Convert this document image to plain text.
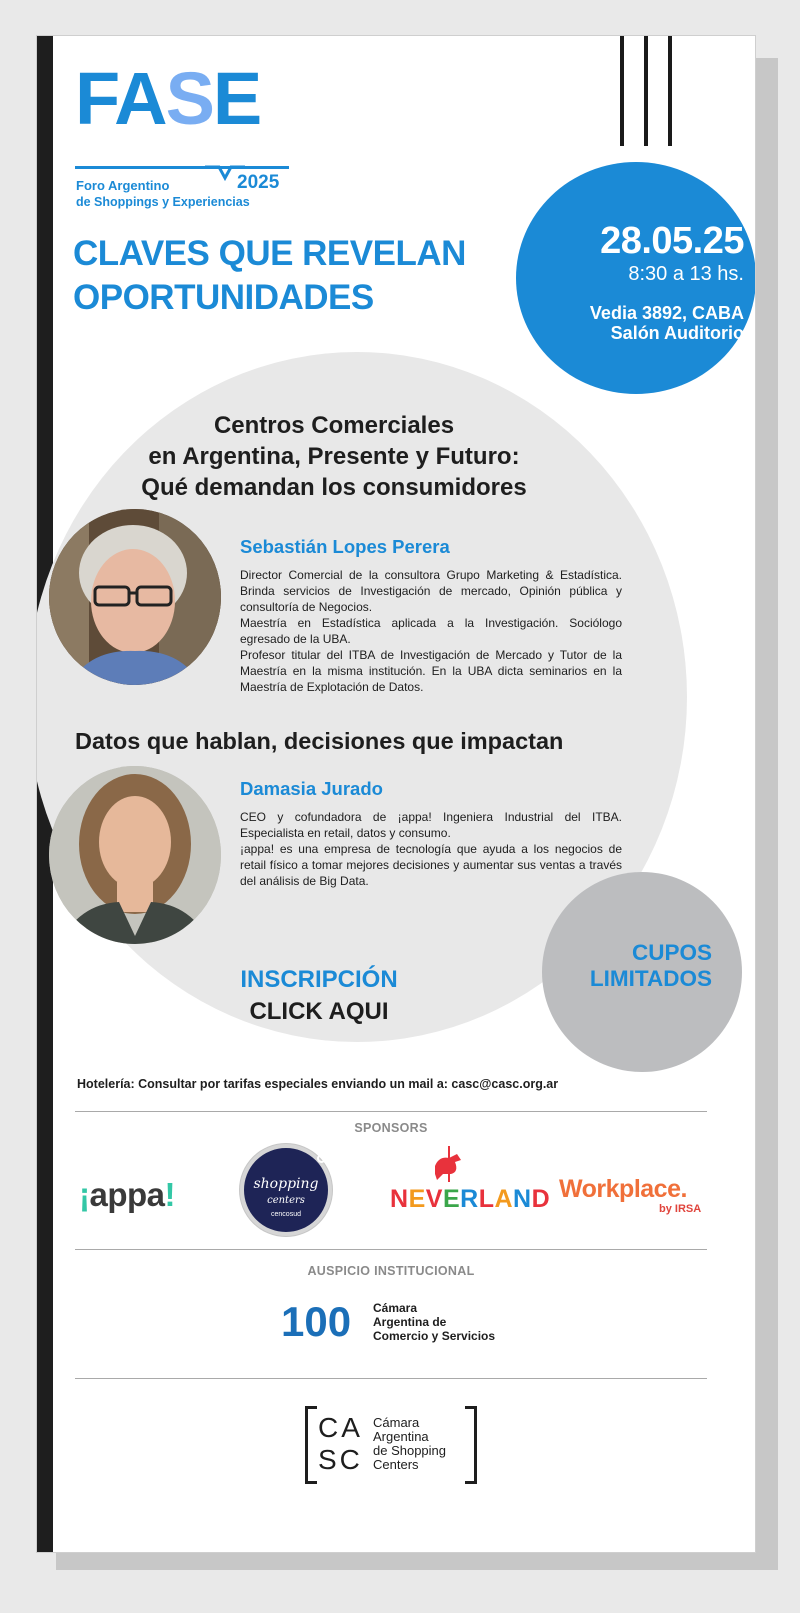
FASE
Foro Argentino	2025
de Shoppings y Experiencias
CLAVES QUE REVELAN
OPORTUNIDADES
28.05.25
8:30 a 13 hs.
Vedia 3892, CABA
Salón Auditorio
Centros Comerciales
en Argentina, Presente y Futuro:
Qué demandan los consumidores
Sebastián Lopes Perera
Director Comercial de la consultora Grupo Marketing & Estadística. Brinda servicios de Investigación de mercado, Opinión pública y consultoría de Negocios.
Maestría en Estadística aplicada a la Investigación. Sociólogo egresado de la UBA.
Profesor titular del ITBA de Investigación de Mercado y Tutor de la Maestría en la misma institución. En la UBA dicta seminarios en la Maestría de Explotación de Datos.
Datos que hablan, decisiones que impactan
Damasia Jurado
CEO y cofundadora de ¡appa! Ingeniera Industrial del ITBA. Especialista en retail, datos y consumo.
¡appa! es una empresa de tecnología que ayuda a los negocios de retail físico a tomar mejores decisiones y aumentar sus ventas a través del análisis de Big Data.
CUPOS
LIMITADOS
INSCRIPCIÓN
CLICK AQUI
Hotelería: Consultar por tarifas especiales enviando un mail a: casc@casc.org.ar
SPONSORS
¡appa!	shopping
centers
cencosud
NEVERLAND Workplace.
by IRSA
AUSPICIO INSTITUCIONAL
100 Cámara
Argentina de
Comercio y Servicios
CA
SC
Cámara
Argentina
de Shopping
Centers
